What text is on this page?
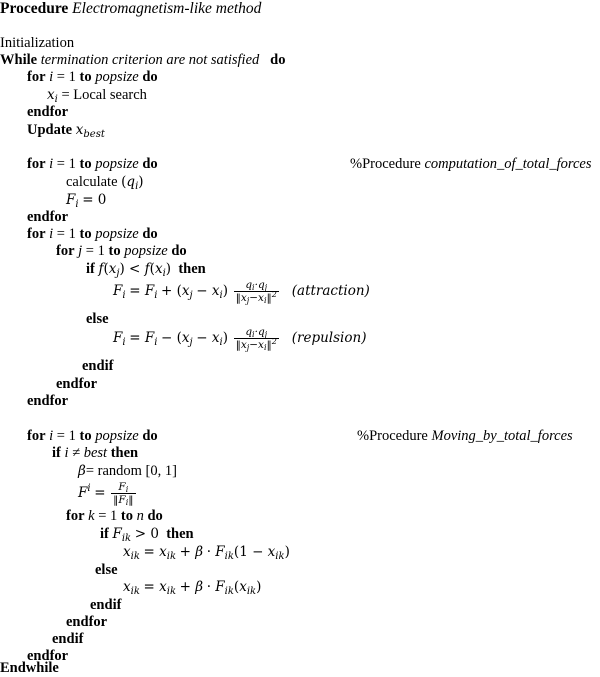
Procedure Electromagnetism-like method
Initialization
While termination criterion are not satisfied do
for i = 1 to popsize do
$x_i$ = Local search
endfor
Update $x_{best}$
for i = 1 to popsize do	%Procedure computation_of_total_forces
calculate $(q_i)$
$F_i = 0$
endfor
for i = 1 to popsize do
for j = 1 to popsize do
if $f(x_j) < f(x_i)$ then
$F_i = F_i + (x_j - x_i) \frac{q_i\cdot q_j}{‖x_j-x_i‖^2}$ (attraction)
else
$F_i = F_i - (x_j - x_i) \frac{q_i\cdot q_j}{‖x_j-x_i‖^2}$ (repulsion)
endif
endfor
endfor
for i = 1 to popsize do	%Procedure Moving_by_total_forces
if i ≠ best then
β= random [0, 1]
$F^i = \frac{F_i}{‖F_i‖}$
for k = 1 to n do
if $F_{ik} > 0$ then
$x_{ik} = x_{ik} + \beta \cdot F_{ik}(1 - x_{ik})$
else
$x_{ik} = x_{ik} + \beta \cdot F_{ik}(x_{ik})$
endif
endfor
endif
endfor
Endwhile
